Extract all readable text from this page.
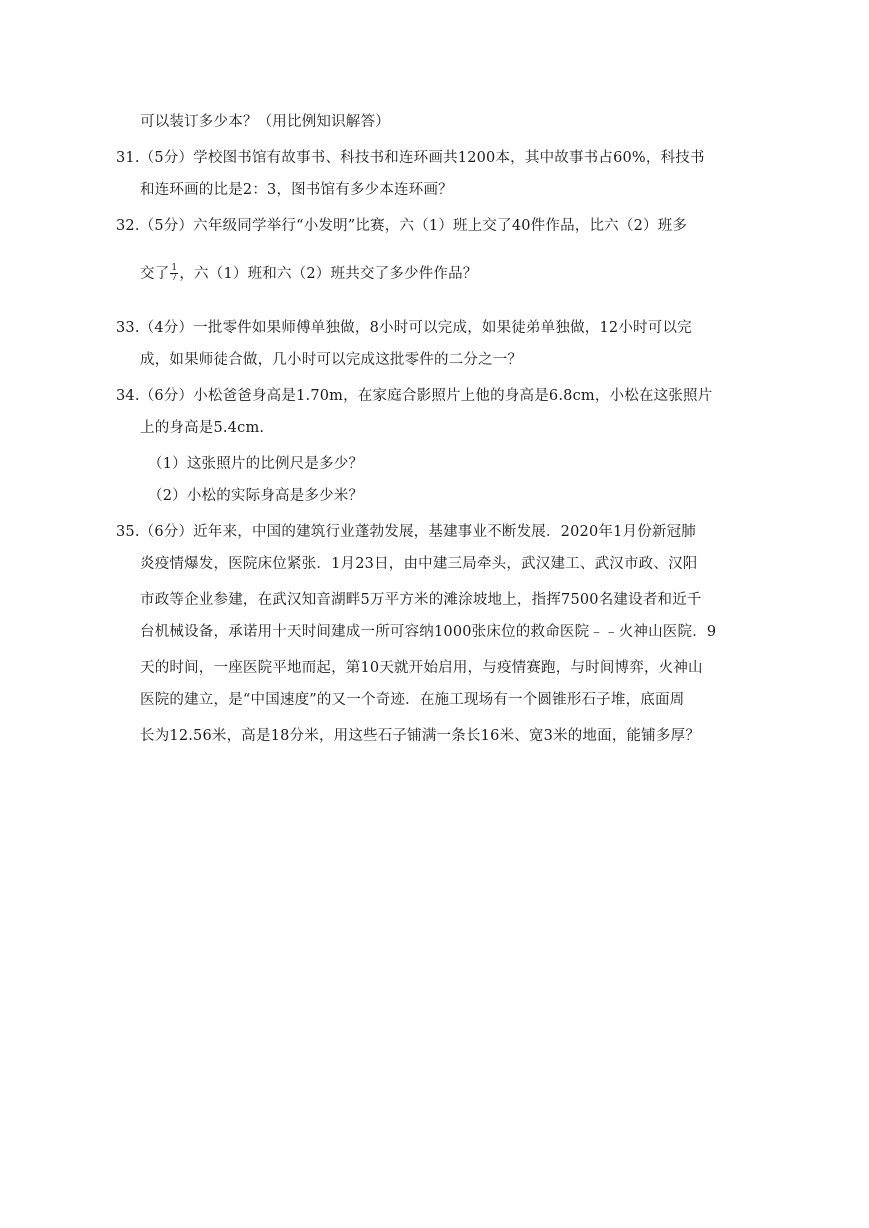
可以装订多少本？（用比例知识解答）
31.（5分）学校图书馆有故事书、科技书和连环画共1200本，其中故事书占60%，科技书
和连环画的比是2：3，图书馆有多少本连环画？
32.（5分）六年级同学举行“小发明”比赛，六（1）班上交了40件作品，比六（2）班多
交了 $\frac{1}{7}$ ，六（1）班和六（2）班共交了多少件作品？
33.（4分）一批零件如果师傅单独做，8小时可以完成，如果徒弟单独做，12小时可以完
成，如果师徒合做，几小时可以完成这批零件的二分之一？
34.（6分）小松爸爸身高是1.70m，在家庭合影照片上他的身高是6.8cm，小松在这张照片
上的身高是5.4cm.
（1）这张照片的比例尺是多少？
（2）小松的实际身高是多少米？
35.（6分）近年来，中国的建筑行业蓬勃发展，基建事业不断发展．2020年1月份新冠肺
炎疫情爆发，医院床位紧张．1月23日，由中建三局牵头，武汉建工、武汉市政、汉阳
市政等企业参建，在武汉知音湖畔5万平方米的滩涂坡地上，指挥7500名建设者和近千
台机械设备，承诺用十天时间建成一所可容纳1000张床位的救命医院﹣﹣火神山医院．9
天的时间，一座医院平地而起，第10天就开始启用，与疫情赛跑，与时间博弈，火神山
医院的建立，是“中国速度”的又一个奇迹．在施工现场有一个圆锥形石子堆，底面周
长为12.56米，高是18分米，用这些石子铺满一条长16米、宽3米的地面，能铺多厚？
